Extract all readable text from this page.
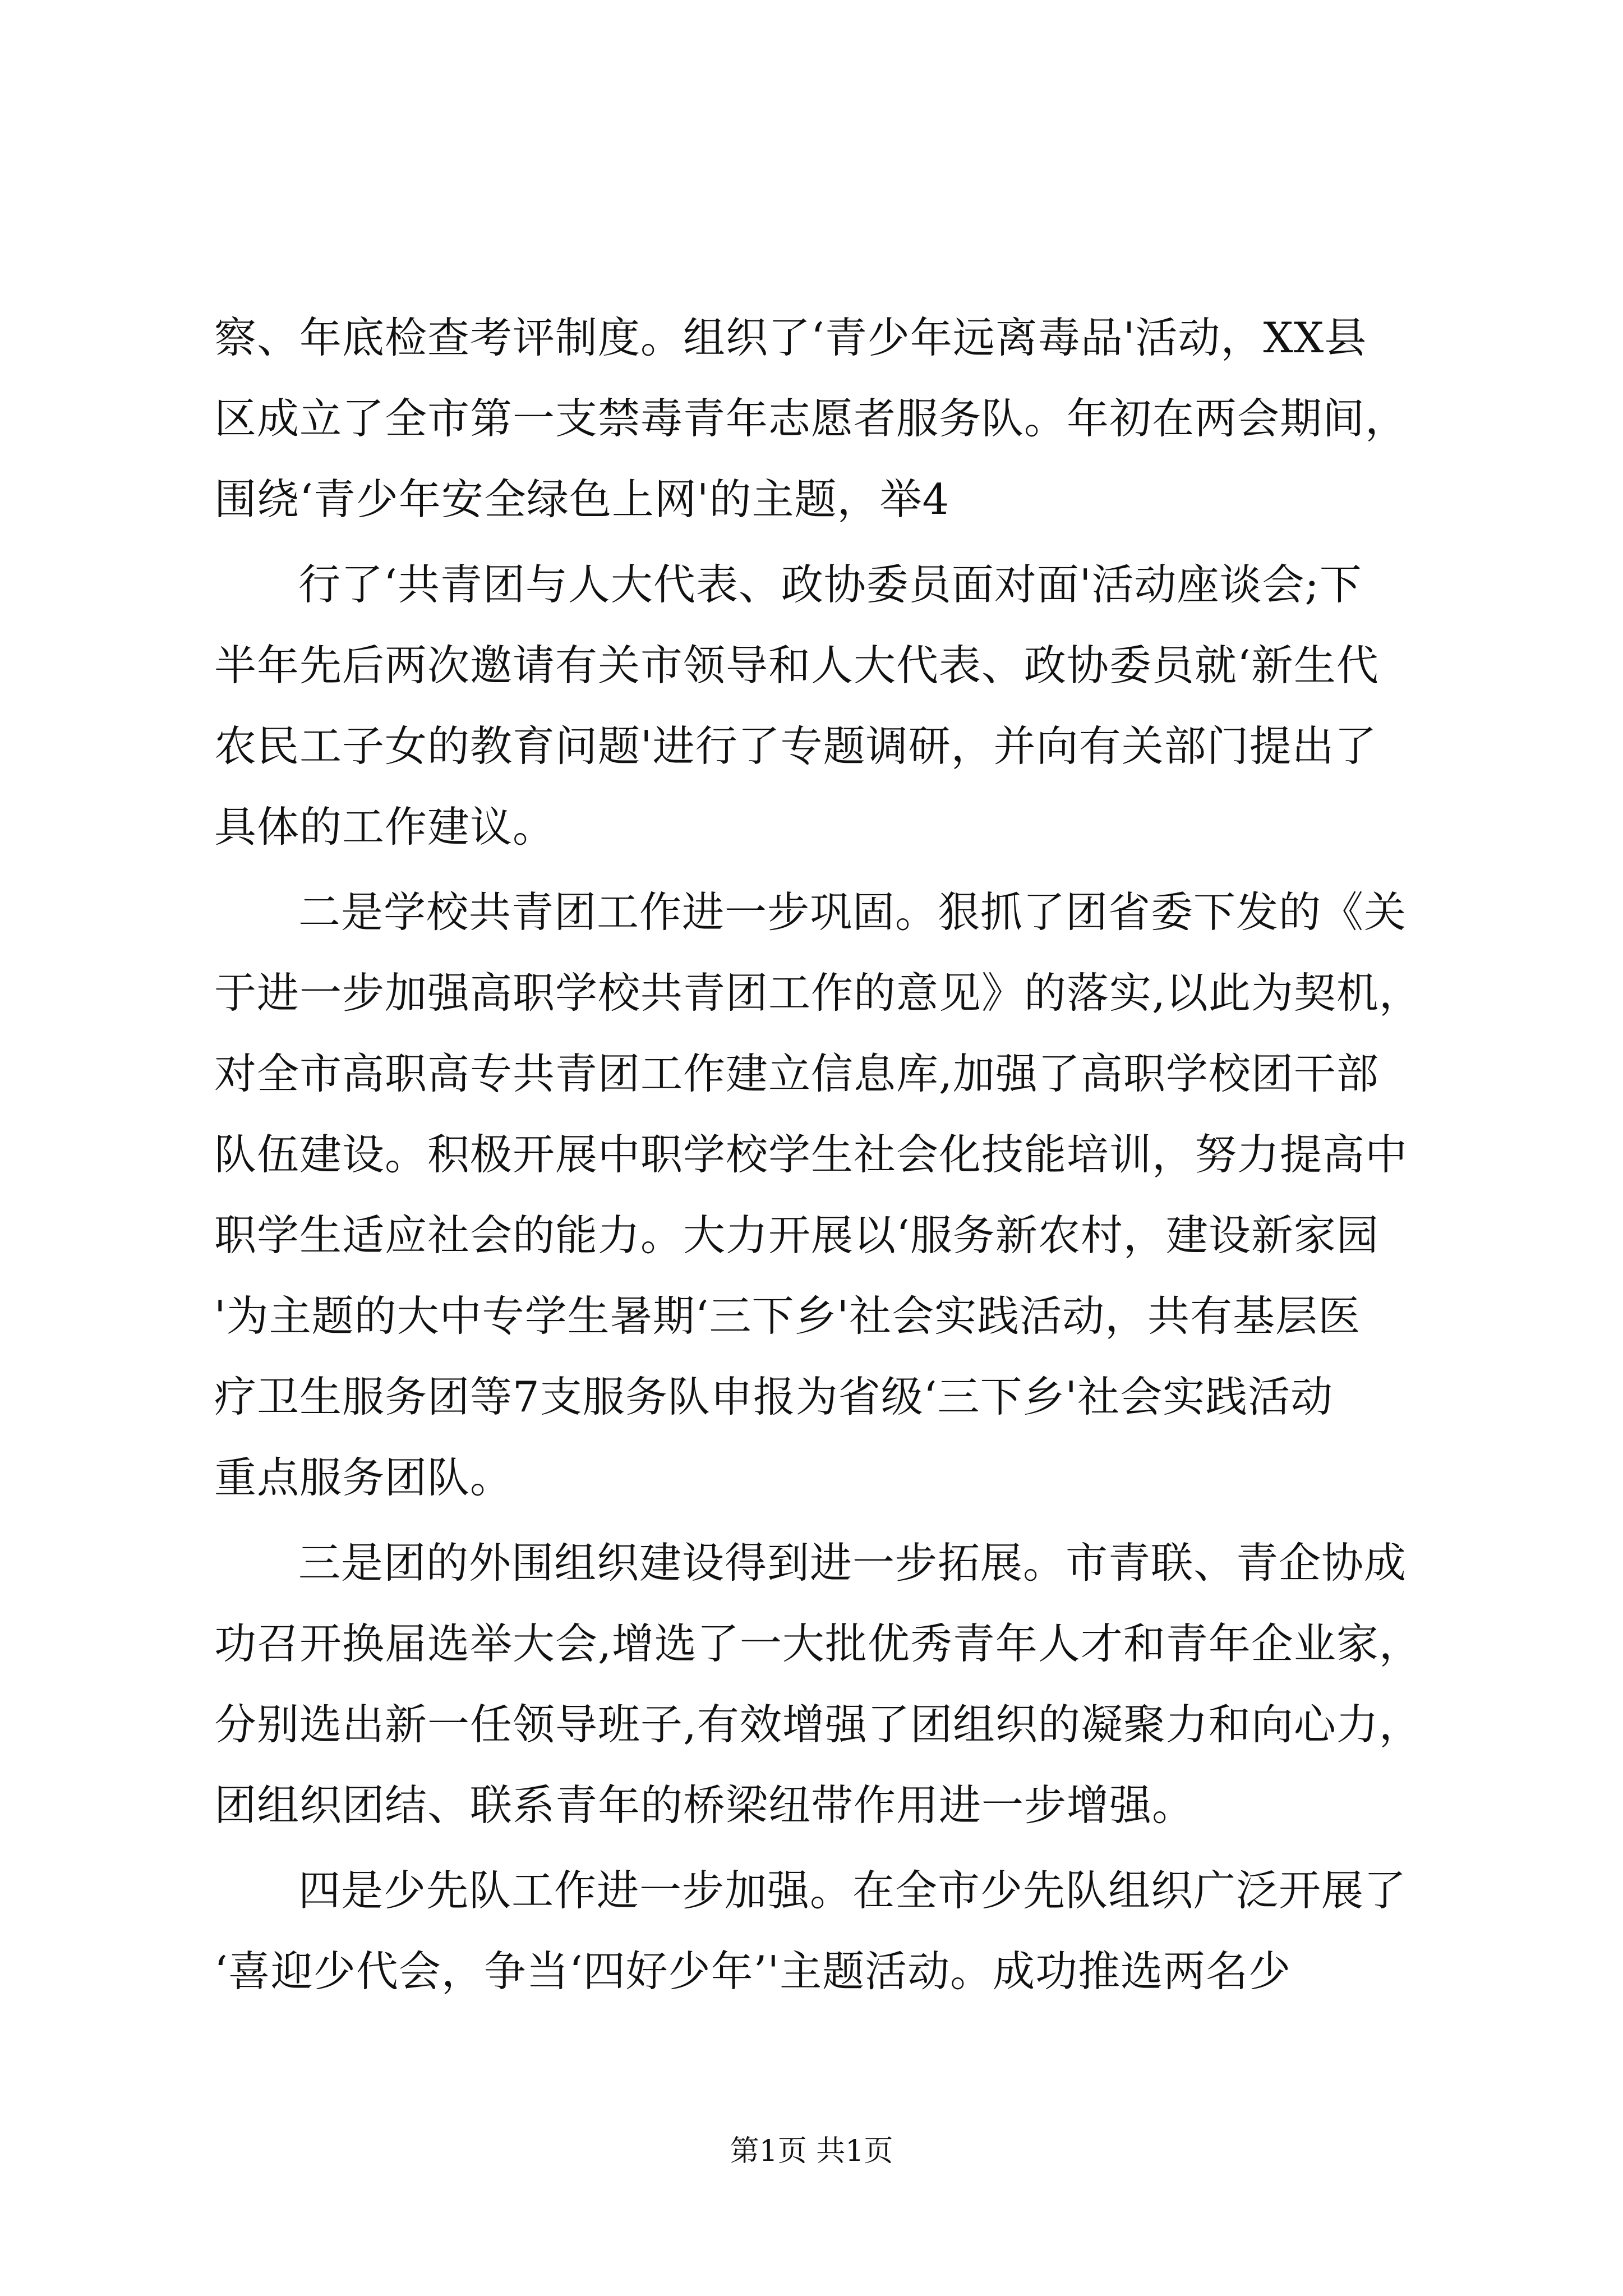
察、年底检查考评制度。组织了‘青少年远离毒品'活动，XX县
区成立了全市第一支禁毒青年志愿者服务队。年初在两会期间，
围绕‘青少年安全绿色上网'的主题，举4
行了‘共青团与人大代表、政协委员面对面'活动座谈会;下
半年先后两次邀请有关市领导和人大代表、政协委员就‘新生代
农民工子女的教育问题'进行了专题调研，并向有关部门提出了
具体的工作建议。
二是学校共青团工作进一步巩固。狠抓了团省委下发的《关
于进一步加强高职学校共青团工作的意见》的落实,以此为契机，
对全市高职高专共青团工作建立信息库,加强了高职学校团干部
队伍建设。积极开展中职学校学生社会化技能培训，努力提高中
职学生适应社会的能力。大力开展以‘服务新农村，建设新家园
'为主题的大中专学生暑期‘三下乡'社会实践活动，共有基层医
疗卫生服务团等7支服务队申报为省级‘三下乡'社会实践活动
重点服务团队。
三是团的外围组织建设得到进一步拓展。市青联、青企协成
功召开换届选举大会,增选了一大批优秀青年人才和青年企业家，
分别选出新一任领导班子,有效增强了团组织的凝聚力和向心力，
团组织团结、联系青年的桥梁纽带作用进一步增强。
四是少先队工作进一步加强。在全市少先队组织广泛开展了
‘喜迎少代会，争当‘四好少年’'主题活动。成功推选两名少
第1页 共1页
